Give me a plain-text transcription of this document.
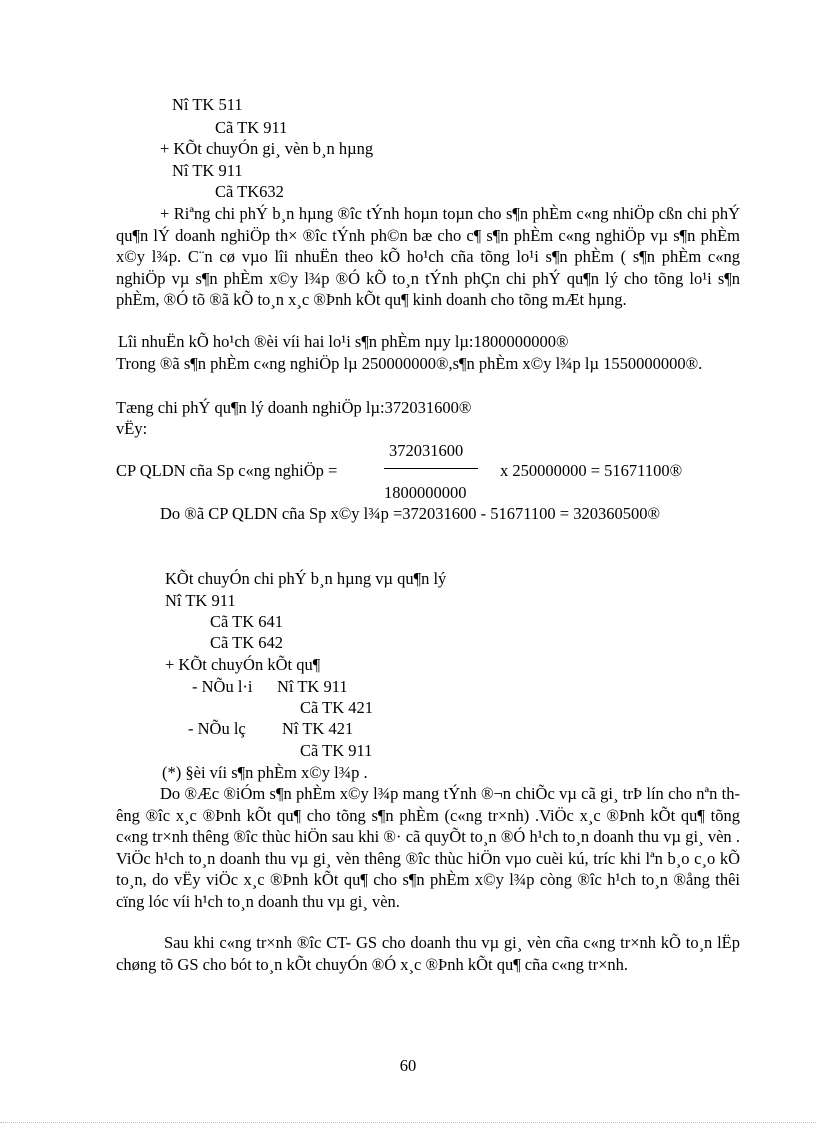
Nî TK 511
Cã TK 911
+ KÕt chuyÓn gi¸ vèn b¸n hµng
Nî TK 911
Cã TK632
+ Riªng chi phÝ b¸n hµng ®îc tÝnh hoµn toµn cho s¶n phÈm c«ng nhiÖp cßn chi phÝ qu¶n lÝ doanh nghiÖp th× ®îc tÝnh ph©n bæ cho c¶ s¶n phÈm c«ng nghiÖp vµ s¶n phÈm x©y l¾p. C¨n cø vµo lîi nhuËn theo kÕ ho¹ch cña tõng lo¹i s¶n phÈm ( s¶n phÈm c«ng nghiÖp vµ s¶n phÈm x©y l¾p ®Ó kÕ to¸n tÝnh phÇn chi phÝ qu¶n lý cho tõng lo¹i s¶n phÈm, ®Ó tõ ®ã kÕ to¸n x¸c ®Þnh kÕt qu¶ kinh doanh cho tõng mÆt hµng.
Lîi nhuËn kÕ ho¹ch ®èi víi hai lo¹i s¶n phÈm nµy lµ:1800000000®
Trong ®ã s¶n phÈm c«ng nghiÖp lµ 250000000®,s¶n phÈm x©y l¾p lµ 1550000000®.
Tæng chi phÝ qu¶n lý doanh nghiÖp lµ:372031600®
vËy:
372031600
CP QLDN cña Sp c«ng nghiÖp =	x 250000000 = 51671100®
1800000000
Do ®ã CP QLDN cña Sp x©y l¾p =372031600 - 51671100 = 320360500®
KÕt chuyÓn chi phÝ b¸n hµng vµ qu¶n lý
Nî TK 911
Cã TK 641
Cã TK 642
+ KÕt chuyÓn kÕt qu¶
- NÕu l·i Nî TK 911
Cã TK 421
- NÕu lç Nî TK 421
Cã TK 911
(*) §èi víi s¶n phÈm x©y l¾p .
Do ®Æc ®iÓm s¶n phÈm x©y l¾p mang tÝnh ®¬n chiÕc vµ cã gi¸ trÞ lín cho nªn thêng ®îc x¸c ®Þnh kÕt qu¶ cho tõng s¶n phÈm (c«ng tr×nh) .ViÖc x¸c ®Þnh kÕt qu¶ tõng c«ng tr×nh thêng ®îc thùc hiÖn sau khi ®· cã quyÕt to¸n ®Ó h¹ch to¸n doanh thu vµ gi¸ vèn . ViÖc h¹ch to¸n doanh thu vµ gi¸ vèn thêng ®îc thùc hiÖn vµo cuèi kú, tríc khi lªn b¸o c¸o kÕ to¸n, do vËy viÖc x¸c ®Þnh kÕt qu¶ cho s¶n phÈm x©y l¾p còng ®îc h¹ch to¸n ®ång thêi cïng lóc víi h¹ch to¸n doanh thu vµ gi¸ vèn.
Sau khi c«ng tr×nh ®îc CT- GS cho doanh thu vµ gi¸ vèn cña c«ng tr×nh kÕ to¸n lËp chøng tõ GS cho bót to¸n kÕt chuyÓn ®Ó x¸c ®Þnh kÕt qu¶ cña c«ng tr×nh.
60
